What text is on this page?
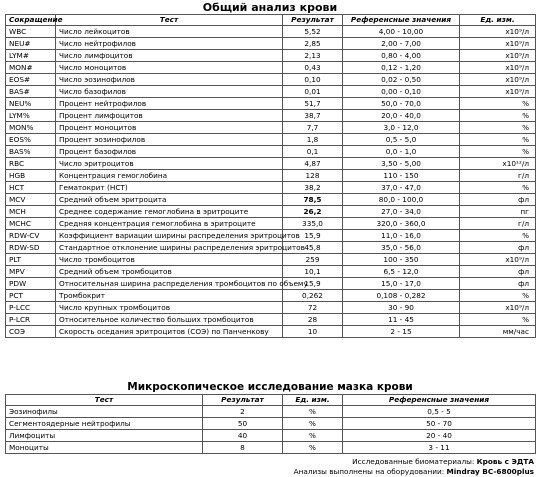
Общий анализ крови
Сокращение	Тест	Результат	Референсные значения	Ед. изм.
WBC	Число лейкоцитов	5,52	4,00 - 10,00	x10⁹/л
NEU#	Число нейтрофилов	2,85	2,00 - 7,00	x10⁹/л
LYM#	Число лимфоцитов	2,13	0,80 - 4,00	x10⁹/л
MON#	Число моноцитов	0,43	0,12 - 1,20	x10⁹/л
EOS#	Число эозинофилов	0,10	0,02 - 0,50	x10⁹/л
BAS#	Число базофилов	0,01	0,00 - 0,10	x10⁹/л
NEU%	Процент нейтрофилов	51,7	50,0 - 70,0	%
LYM%	Процент лимфоцитов	38,7	20,0 - 40,0	%
MON%	Процент моноцитов	7,7	3,0 - 12,0	%
EOS%	Процент эозинофилов	1,8	0,5 - 5,0	%
BAS%	Процент базофилов	0,1	0,0 - 1,0	%
RBC	Число эритроцитов	4,87	3,50 - 5,00	x10¹²/л
HGB	Концентрация гемоглобина	128	110 - 150	г/л
HCT	Гематокрит (НСТ)	38,2	37,0 - 47,0	%
MCV	Средний объем эритроцита	78,5	80,0 - 100,0	фл
MCH	Среднее содержание гемоглобина в эритроците	26,2	27,0 - 34,0	пг
MCHC	Средняя концентрация гемоглобина в эритроците	335,0	320,0 - 360,0	г/л
RDW-CV	Коэффициент вариации ширины распределения эритроцитов	15,9	11,0 - 16,0	%
RDW-SD	Стандартное отклонение ширины распределения эритроцитов	45,8	35,0 - 56,0	фл
PLT	Число тромбоцитов	259	100 - 350	x10⁹/л
MPV	Средний объем тромбоцитов	10,1	6,5 - 12,0	фл
PDW	Относительная ширина распределения тромбоцитов по объему	15,9	15,0 - 17,0	фл
PCT	Тромбокрит	0,262	0,108 - 0,282	%
P-LCC	Число крупных тромбоцитов	72	30 - 90	x10⁹/л
P-LCR	Относительное количество больших тромбоцитов	28	11 - 45	%
СОЭ	Скорость оседания эритроцитов (СОЭ) по Панченкову	10	2 - 15	мм/час
Микроскопическое исследование мазка крови
Тест	Результат	Ед. изм.	Референсные значения
Эозинофилы	2	%	0,5 - 5
Сегментоядерные нейтрофилы	50	%	50 - 70
Лимфоциты	40	%	20 - 40
Моноциты	8	%	3 - 11
Исследованные биоматериалы: Кровь с ЭДТА
Анализы выполнены на оборудовании: Mindray BC-6800plus
